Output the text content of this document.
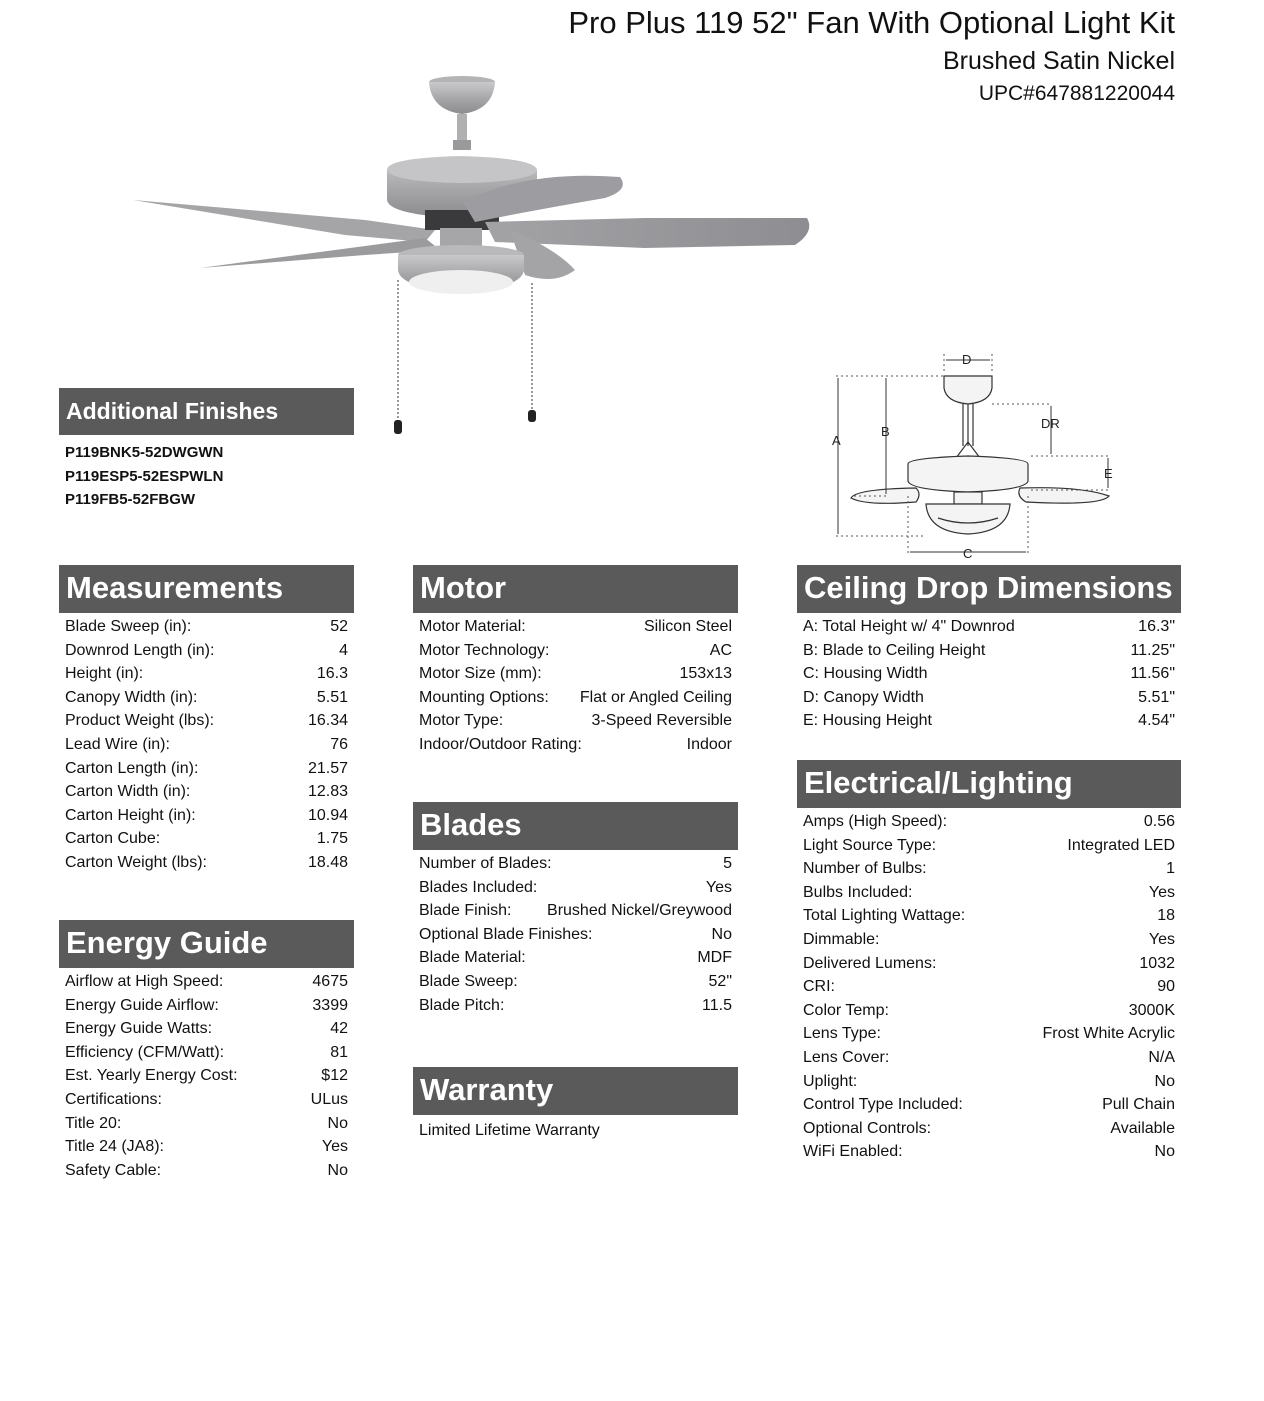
Pro Plus 119 52" Fan With Optional Light Kit
Brushed Satin Nickel
UPC#647881220044
D
A
B
DR
E
C
Additional Finishes
P119BNK5-52DWGWN
P119ESP5-52ESPWLN
P119FB5-52FBGW
Measurements
Blade Sweep (in):	52
Downrod Length (in):	4
Height (in):	16.3
Canopy Width (in):	5.51
Product Weight (lbs):	16.34
Lead Wire (in):	76
Carton Length (in):	21.57
Carton Width (in):	12.83
Carton Height (in):	10.94
Carton Cube:	1.75
Carton Weight (lbs):	18.48
Energy Guide
Airflow at High Speed:	4675
Energy Guide Airflow:	3399
Energy Guide Watts:	42
Efficiency (CFM/Watt):	81
Est. Yearly Energy Cost:	$12
Certifications:	ULus
Title 20:	No
Title 24 (JA8):	Yes
Safety Cable:	No
Motor
Motor Material:	Silicon Steel
Motor Technology:	AC
Motor Size (mm):	153x13
Mounting Options: Flat or Angled Ceiling
Motor Type:	3-Speed Reversible
Indoor/Outdoor Rating:	Indoor
Blades
Number of Blades:	5
Blades Included:	Yes
Blade Finish: Brushed Nickel/Greywood
Optional Blade Finishes:	No
Blade Material:	MDF
Blade Sweep:	52"
Blade Pitch:	11.5
Warranty
Limited Lifetime Warranty
Ceiling Drop Dimensions
A: Total Height w/ 4" Downrod	16.3"
B: Blade to Ceiling Height	11.25"
C: Housing Width	11.56"
D: Canopy Width	5.51"
E: Housing Height	4.54"
Electrical/Lighting
Amps (High Speed):	0.56
Light Source Type:	Integrated LED
Number of Bulbs:	1
Bulbs Included:	Yes
Total Lighting Wattage:	18
Dimmable:	Yes
Delivered Lumens:	1032
CRI:	90
Color Temp:	3000K
Lens Type:	Frost White Acrylic
Lens Cover:	N/A
Uplight:	No
Control Type Included:	Pull Chain
Optional Controls:	Available
WiFi Enabled:	No
